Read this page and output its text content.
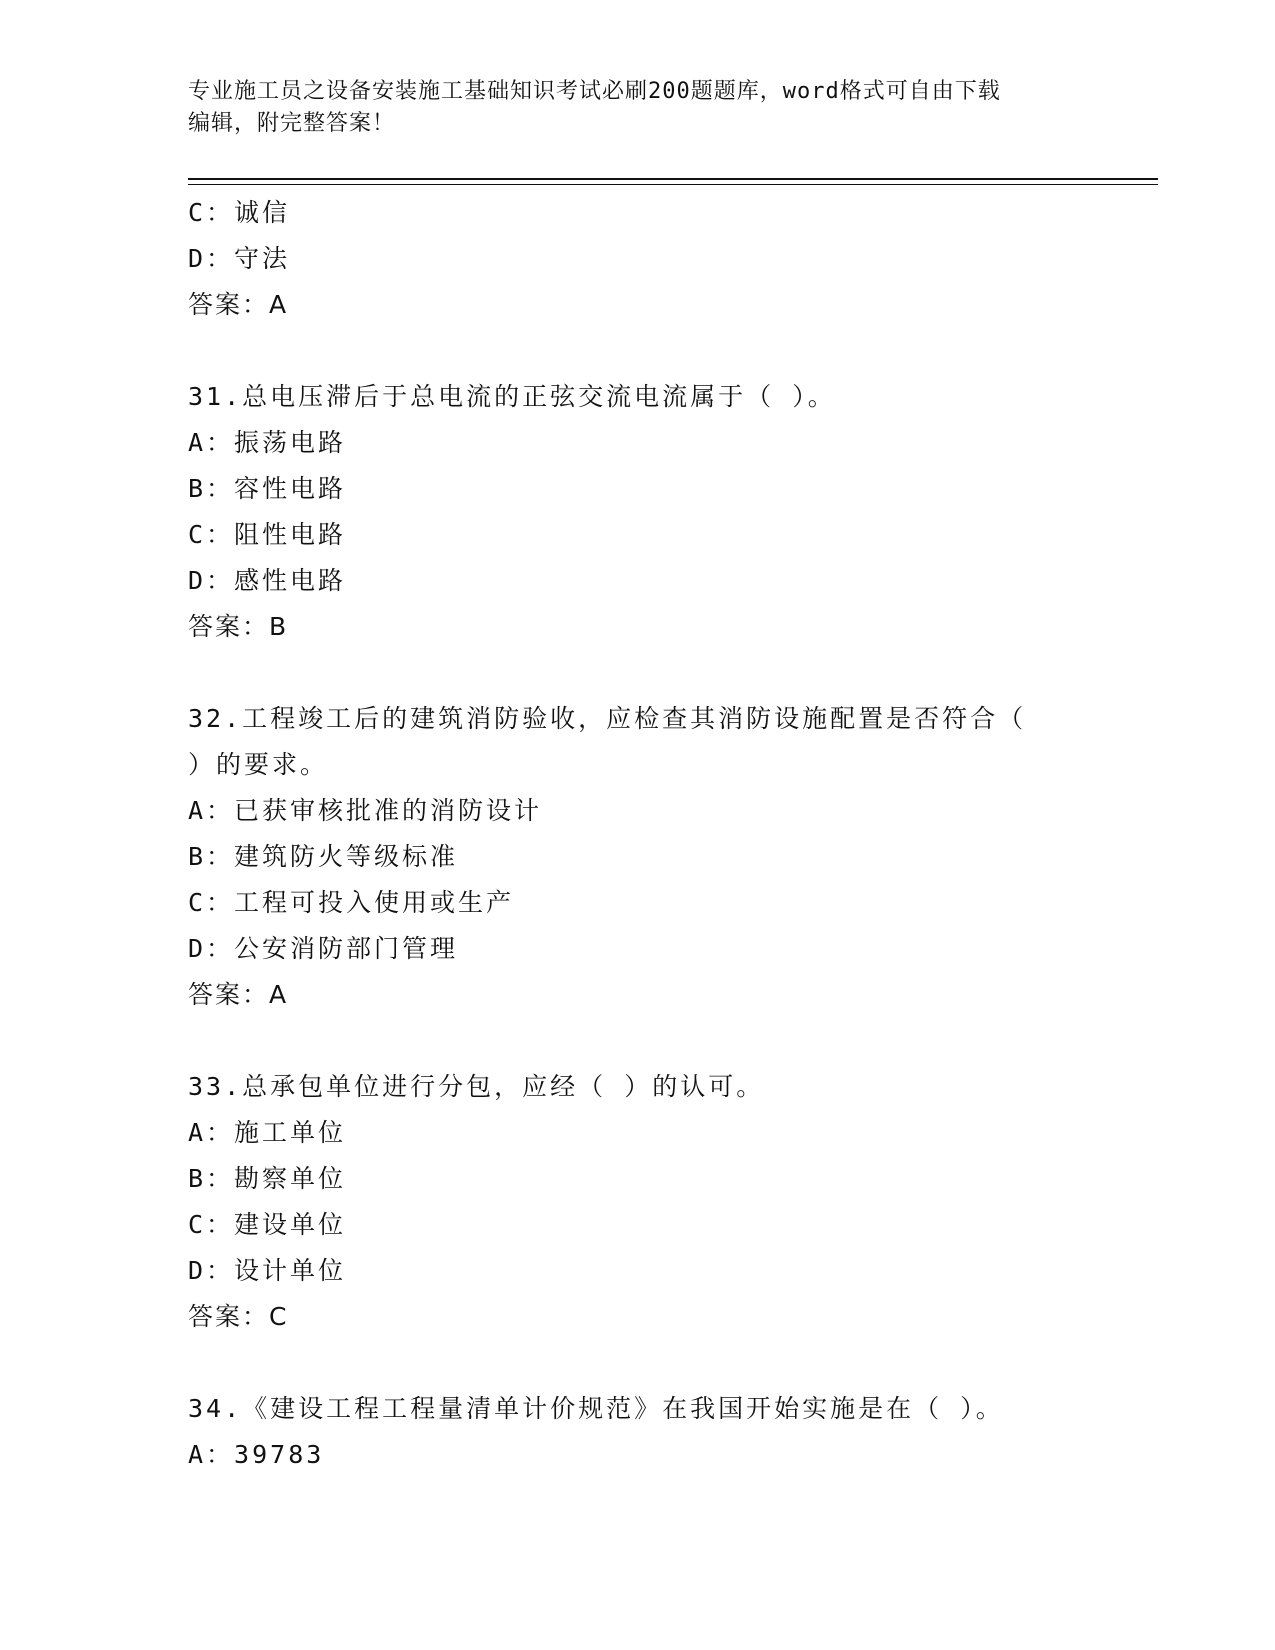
专业施工员之设备安装施工基础知识考试必刷200题题库，word格式可自由下载
编辑，附完整答案！
C：诚信
D：守法
答案：A
31.总电压滞后于总电流的正弦交流电流属于（ ）。
A：振荡电路
B：容性电路
C：阻性电路
D：感性电路
答案：B
32.工程竣工后的建筑消防验收，应检查其消防设施配置是否符合（
）的要求。
A：已获审核批准的消防设计
B：建筑防火等级标准
C：工程可投入使用或生产
D：公安消防部门管理
答案：A
33.总承包单位进行分包，应经（ ）的认可。
A：施工单位
B：勘察单位
C：建设单位
D：设计单位
答案：C
34.《建设工程工程量清单计价规范》在我国开始实施是在（ ）。
A：39783
